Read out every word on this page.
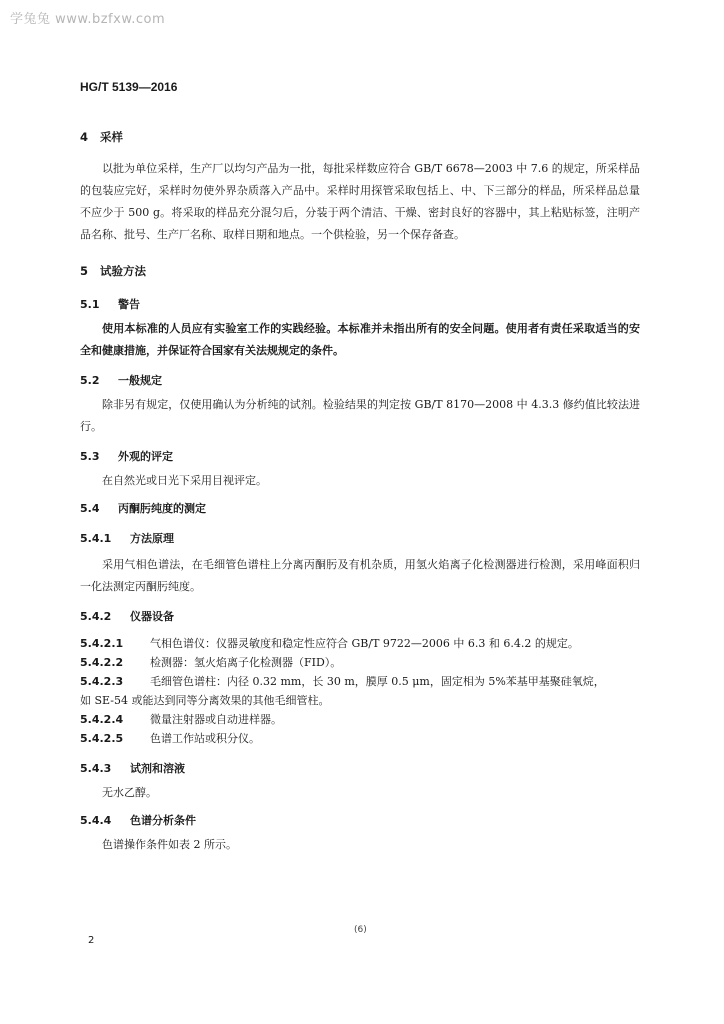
学兔兔 www.bzfxw.com
HG/T 5139—2016

4 采样

以批为单位采样，生产厂以均匀产品为一批，每批采样数应符合 GB/T 6678—2003 中 7.6 的规定，所采样品的包装应完好，采样时勿使外界杂质落入产品中。采样时用探管采取包括上、中、下三部分的样品，所采样品总量不应少于 500 g。将采取的样品充分混匀后，分装于两个清洁、干燥、密封良好的容器中，其上粘贴标签，注明产品名称、批号、生产厂名称、取样日期和地点。一个供检验，另一个保存备查。

5 试验方法

5.1 警告

使用本标准的人员应有实验室工作的实践经验。本标准并未指出所有的安全问题。使用者有责任采取适当的安全和健康措施，并保证符合国家有关法规规定的条件。

5.2 一般规定

除非另有规定，仅使用确认为分析纯的试剂。检验结果的判定按 GB/T 8170—2008 中 4.3.3 修约值比较法进行。

5.3 外观的评定

在自然光或日光下采用目视评定。

5.4 丙酮肟纯度的测定

5.4.1 方法原理

采用气相色谱法，在毛细管色谱柱上分离丙酮肟及有机杂质，用氢火焰离子化检测器进行检测，采用峰面积归一化法测定丙酮肟纯度。

5.4.2 仪器设备

5.4.2.1 气相色谱仪：仪器灵敏度和稳定性应符合 GB/T 9722—2006 中 6.3 和 6.4.2 的规定。

5.4.2.2 检测器：氢火焰离子化检测器（FID）。

5.4.2.3 毛细管色谱柱：内径 0.32 mm，长 30 m，膜厚 0.5 μm，固定相为 5%苯基甲基聚硅氧烷，
如 SE-54 或能达到同等分离效果的其他毛细管柱。

5.4.2.4 微量注射器或自动进样器。

5.4.2.5 色谱工作站或积分仪。

5.4.3 试剂和溶液

无水乙醇。

5.4.4 色谱分析条件

色谱操作条件如表 2 所示。

(6)
2
